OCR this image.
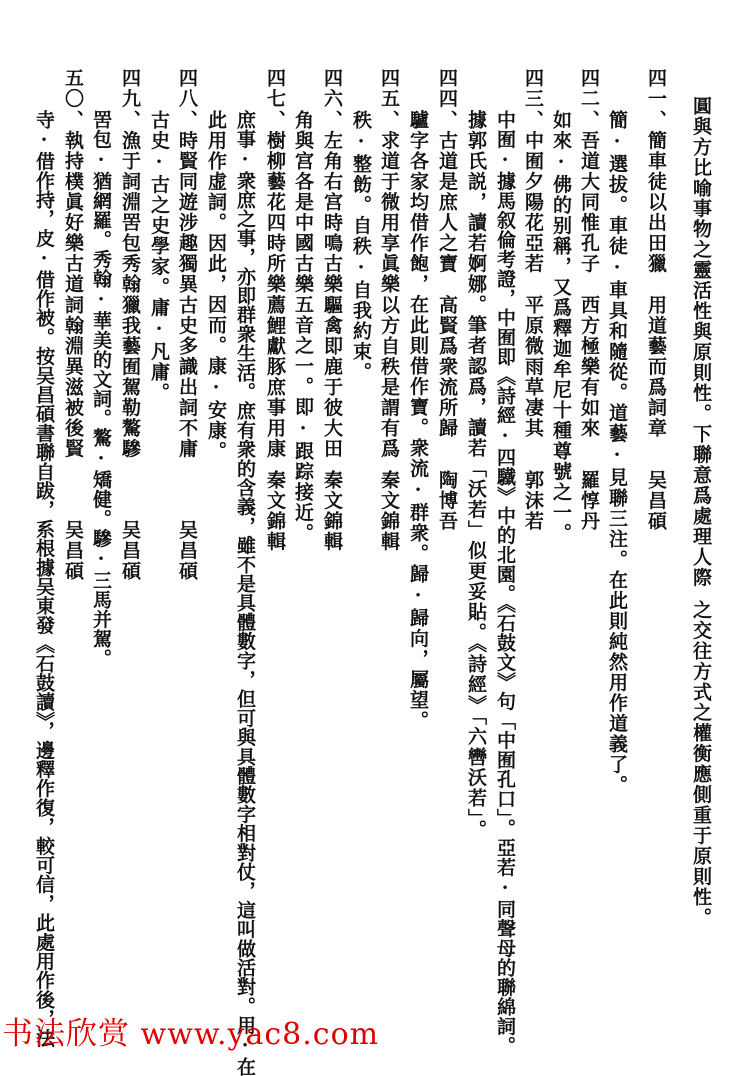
圓與方比喻事物之靈活性與原則性。下聯意爲處理人際
之交往方式之權衡應側重于原則性。
四一
、簡車徒以出田獵
用道藝而爲詞章
吴昌碩
簡·選拔。車徒·車具和隨從。道藝·見聯三注。在此則純然用作道義了。
四二
、吾道大同惟孔子
西方極樂有如來
羅惇丹
如來·佛的别稱，又爲釋迦牟尼十種尊號之一。
四三
、中囿夕陽花亞若
平原微雨草凄其
郭沫若
中囿·據馬叙倫考證，中囿即《詩經·四驖》中的北園。《石鼓文》句「中囿孔口」。亞若·同聲母的聯綿詞。
據郭氏説，讀若婀娜。筆者認爲，讀若「沃若」似更妥貼。《詩經》「六轡沃若」。
四四
、古道是庶人之寶
高賢爲衆流所歸
陶博吾
驢字各家均借作飽，在此則借作寶。衆流·群衆。歸·歸向，屬望。
四五
、求道于微用享眞樂
以方自秩是謂有爲
秦文錦輯
秩·整飭。自秩·自我約束。
四六
、左角右宫時鳴古樂
驅禽即鹿于彼大田
秦文錦輯
角與宫各是中國古樂五音之一。即·跟踪接近。
四七
、樹柳藝花四時所樂
薦鯉獻豚庶事用康
秦文錦輯
庶事·衆庶之事，亦即群衆生活。庶有衆的含義，雖不是具體數字，但可與具體數字相對仗，這叫做活對。用·在
此用作虚詞。因此，因而。康·安康。
四八
、時賢同遊涉趣獨異
古史多識出詞不庸
吴昌碩
古史·古之史學家。庸·凡庸。
四九
、漁于詞淵罟包秀翰
獵我藝囿駕勒驁驂
吴昌碩
罟包·猶網羅。秀翰·華美的文詞。驁·矯健。驂·三馬并駕。
五〇
、執持樸眞好樂古道
詞翰淵異滋被後賢
吴昌碩
寺·借作持，皮·借作被。按吴昌碩書聯自跋，系根據吴東發《石鼓讀》，邊釋作復，較可信，此處用作後，法
书法欣赏 www.yac8.com
